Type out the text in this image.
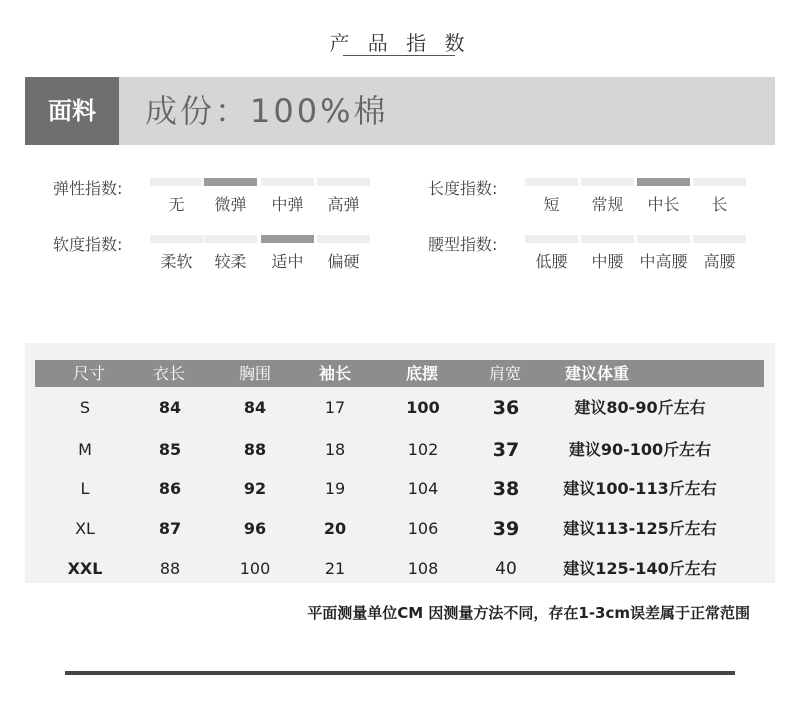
产 品 指 数
面料	成份：100%棉
弹性指数:
软度指数:
长度指数:
腰型指数:
无	微弹	中弹	高弹
柔软	较柔	适中	偏硬
短	常规	中长	长
低腰	中腰 中高腰 高腰
尺寸	衣长	胸围	袖长	底摆	肩宽	建议体重
S	84	84	17	100	36	建议80-90斤左右
M	85	88	18	102	37	建议90-100斤左右
L	86	92	19	104	38	建议100-113斤左右
XL	87	96	20	106	39	建议113-125斤左右
XXL	88	100	21	108	40	建议125-140斤左右
平面测量单位CM 因测量方法不同，存在1-3cm误差属于正常范围
